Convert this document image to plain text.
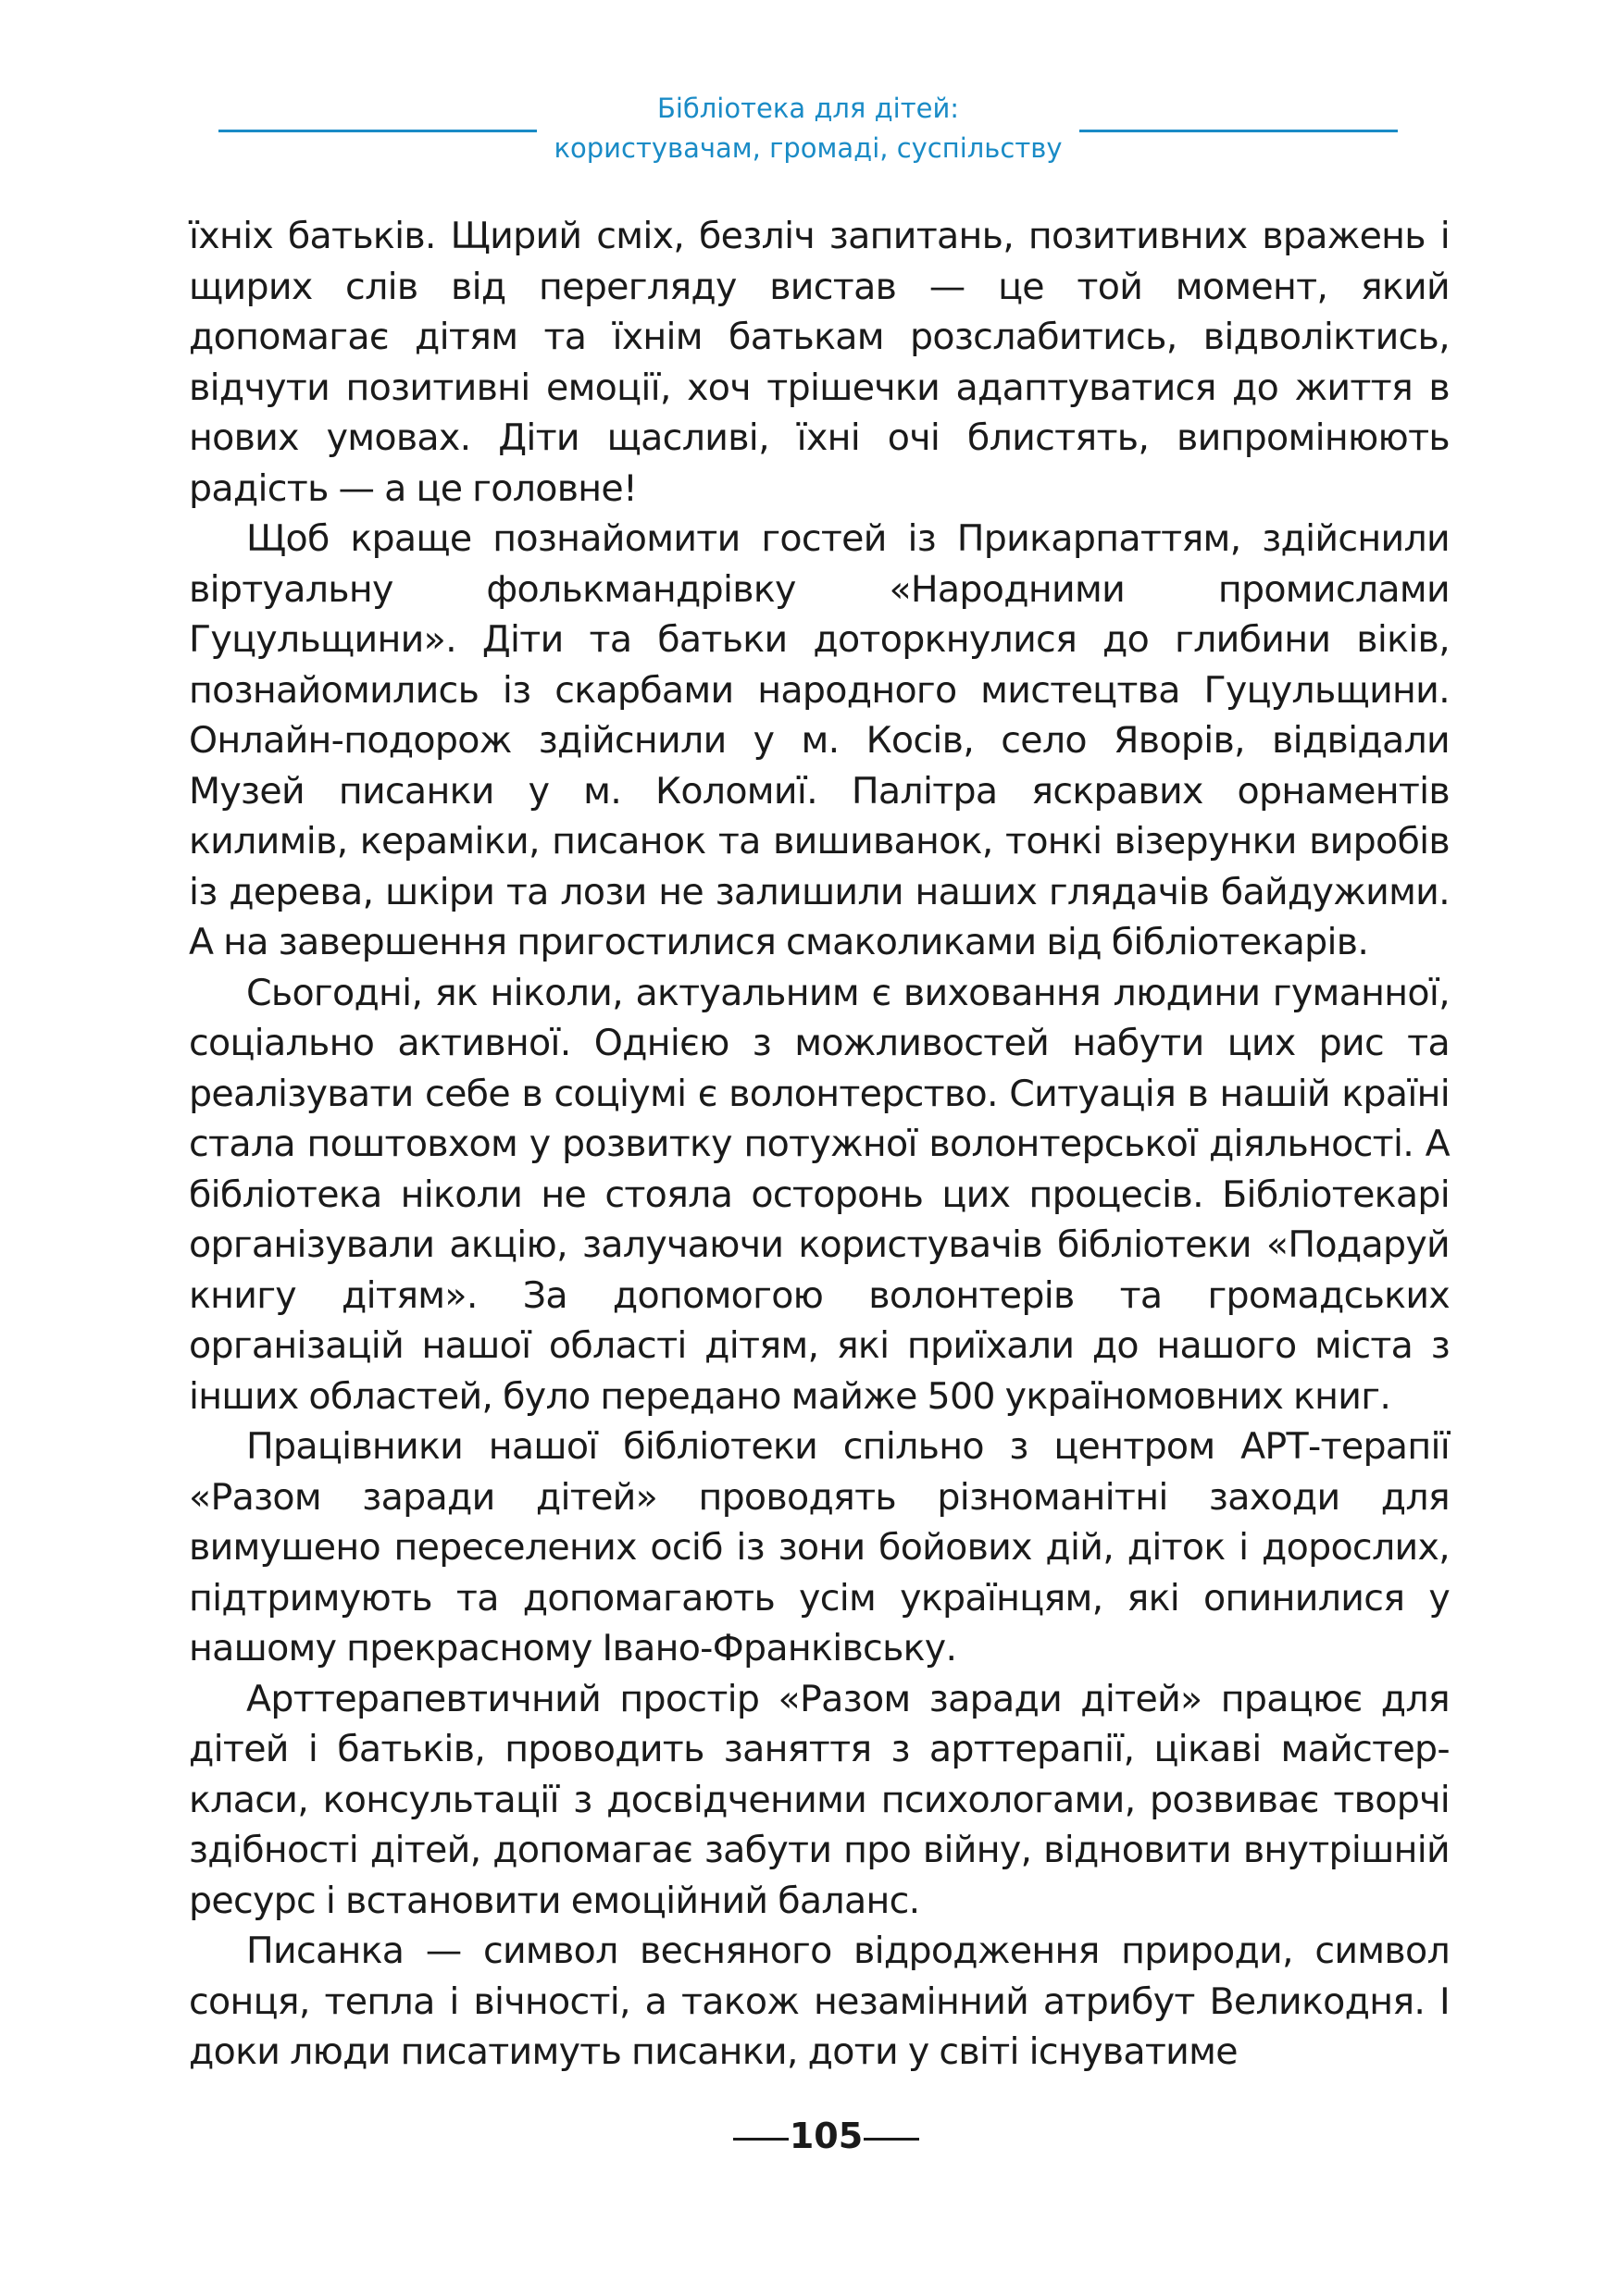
Бібліотека для дітей:
користувачам, громаді, суспільству

їхніх батьків. Щирий сміх, безліч запитань, позитивних вражень і щирих слів від перегляду вистав — це той момент, який допомагає дітям та їхнім батькам розслабитись, відволіктись, відчути позитивні емоції, хоч трішечки адаптуватися до життя в нових умовах. Діти щасливі, їхні очі блистять, випромінюють радість — а це головне!

Щоб краще познайомити гостей із Прикарпаттям, здійснили віртуальну фолькмандрівку «Народними промислами Гуцульщини». Діти та батьки доторкнулися до глибини віків, познайомились із скарбами народного мистецтва Гуцульщини. Онлайн-подорож здійснили у м. Косів, село Яворів, відвідали Музей писанки у м. Коломиї. Палітра яскравих орнаментів килимів, кераміки, писанок та вишиванок, тонкі візерунки виробів із дерева, шкіри та лози не залишили наших глядачів байдужими. А на завершення пригостилися смаколиками від бібліотекарів.

Сьогодні, як ніколи, актуальним є виховання людини гуманної, соціально активної. Однією з можливостей набути цих рис та реалізувати себе в соціумі є волонтерство. Ситуація в нашій країні стала поштовхом у розвитку потужної волонтерської діяльності. А бібліотека ніколи не стояла осторонь цих процесів. Бібліотекарі організували акцію, залучаючи користувачів бібліотеки «Подаруй книгу дітям». За допомогою волонтерів та громадських організацій нашої області дітям, які приїхали до нашого міста з інших областей, було передано майже 500 україномовних книг.

Працівники нашої бібліотеки спільно з центром АРТ-терапії «Разом заради дітей» проводять різноманітні заходи для вимушено переселених осіб із зони бойових дій, діток і дорослих, підтримують та допомагають усім українцям, які опинилися у нашому прекрасному Івано-Франківську.

Арттерапевтичний простір «Разом заради дітей» працює для дітей і батьків, проводить заняття з арттерапії, цікаві майстер-класи, консультації з досвідченими психологами, розвиває творчі здібності дітей, допомагає забути про війну, відновити внутрішній ресурс і встановити емоційний баланс.

Писанка — символ весняного відродження природи, символ сонця, тепла і вічності, а також незамінний атрибут Великодня. І доки люди писатимуть писанки, доти у світі існуватиме

105
